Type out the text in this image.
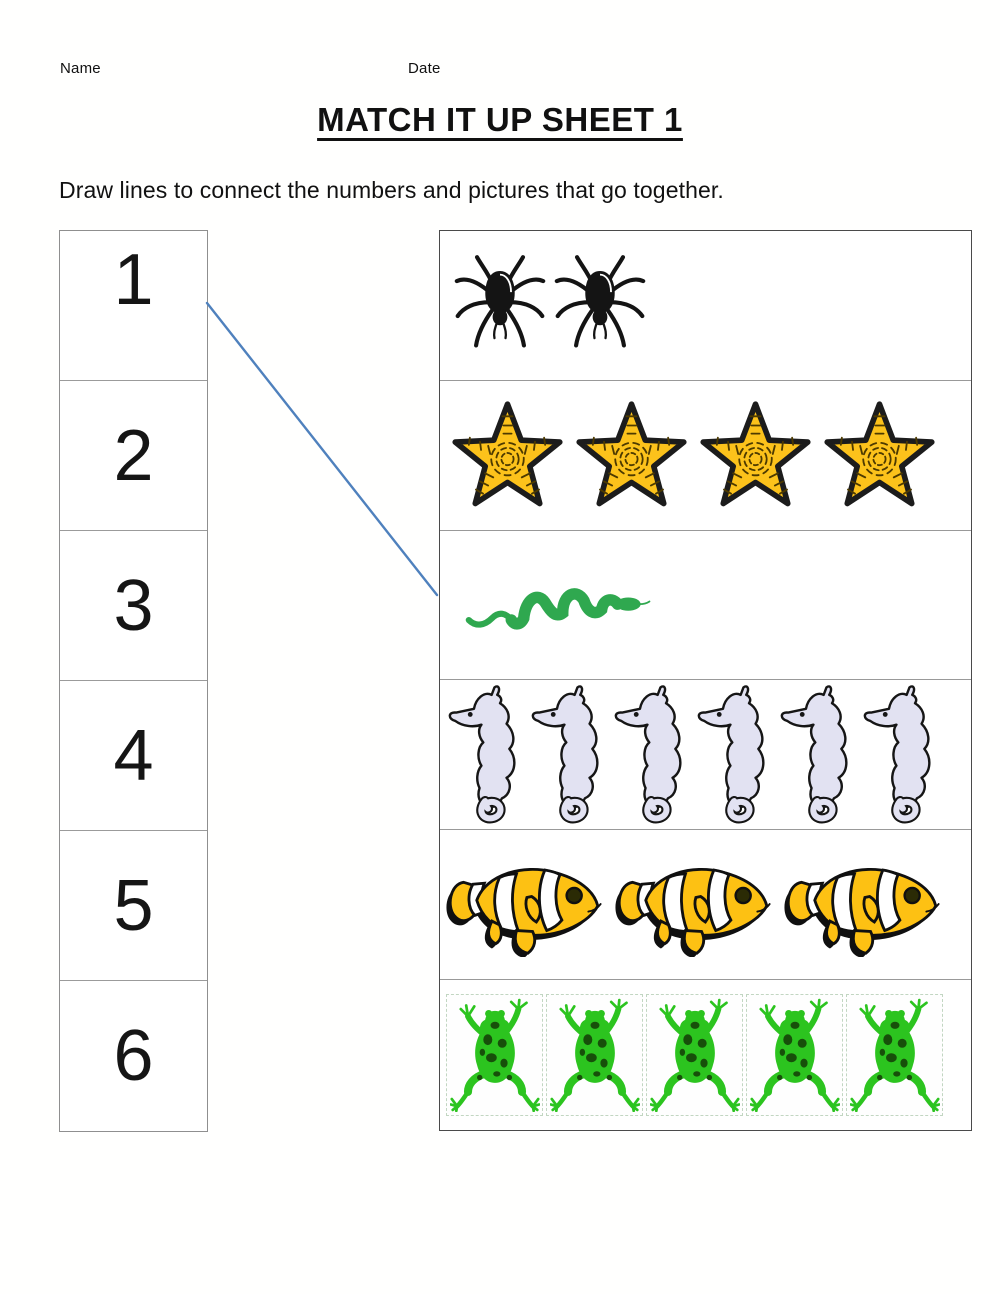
Name	Date
MATCH IT UP SHEET 1
Draw lines to connect the numbers and pictures that go together.
1
2
3
4
5
6
